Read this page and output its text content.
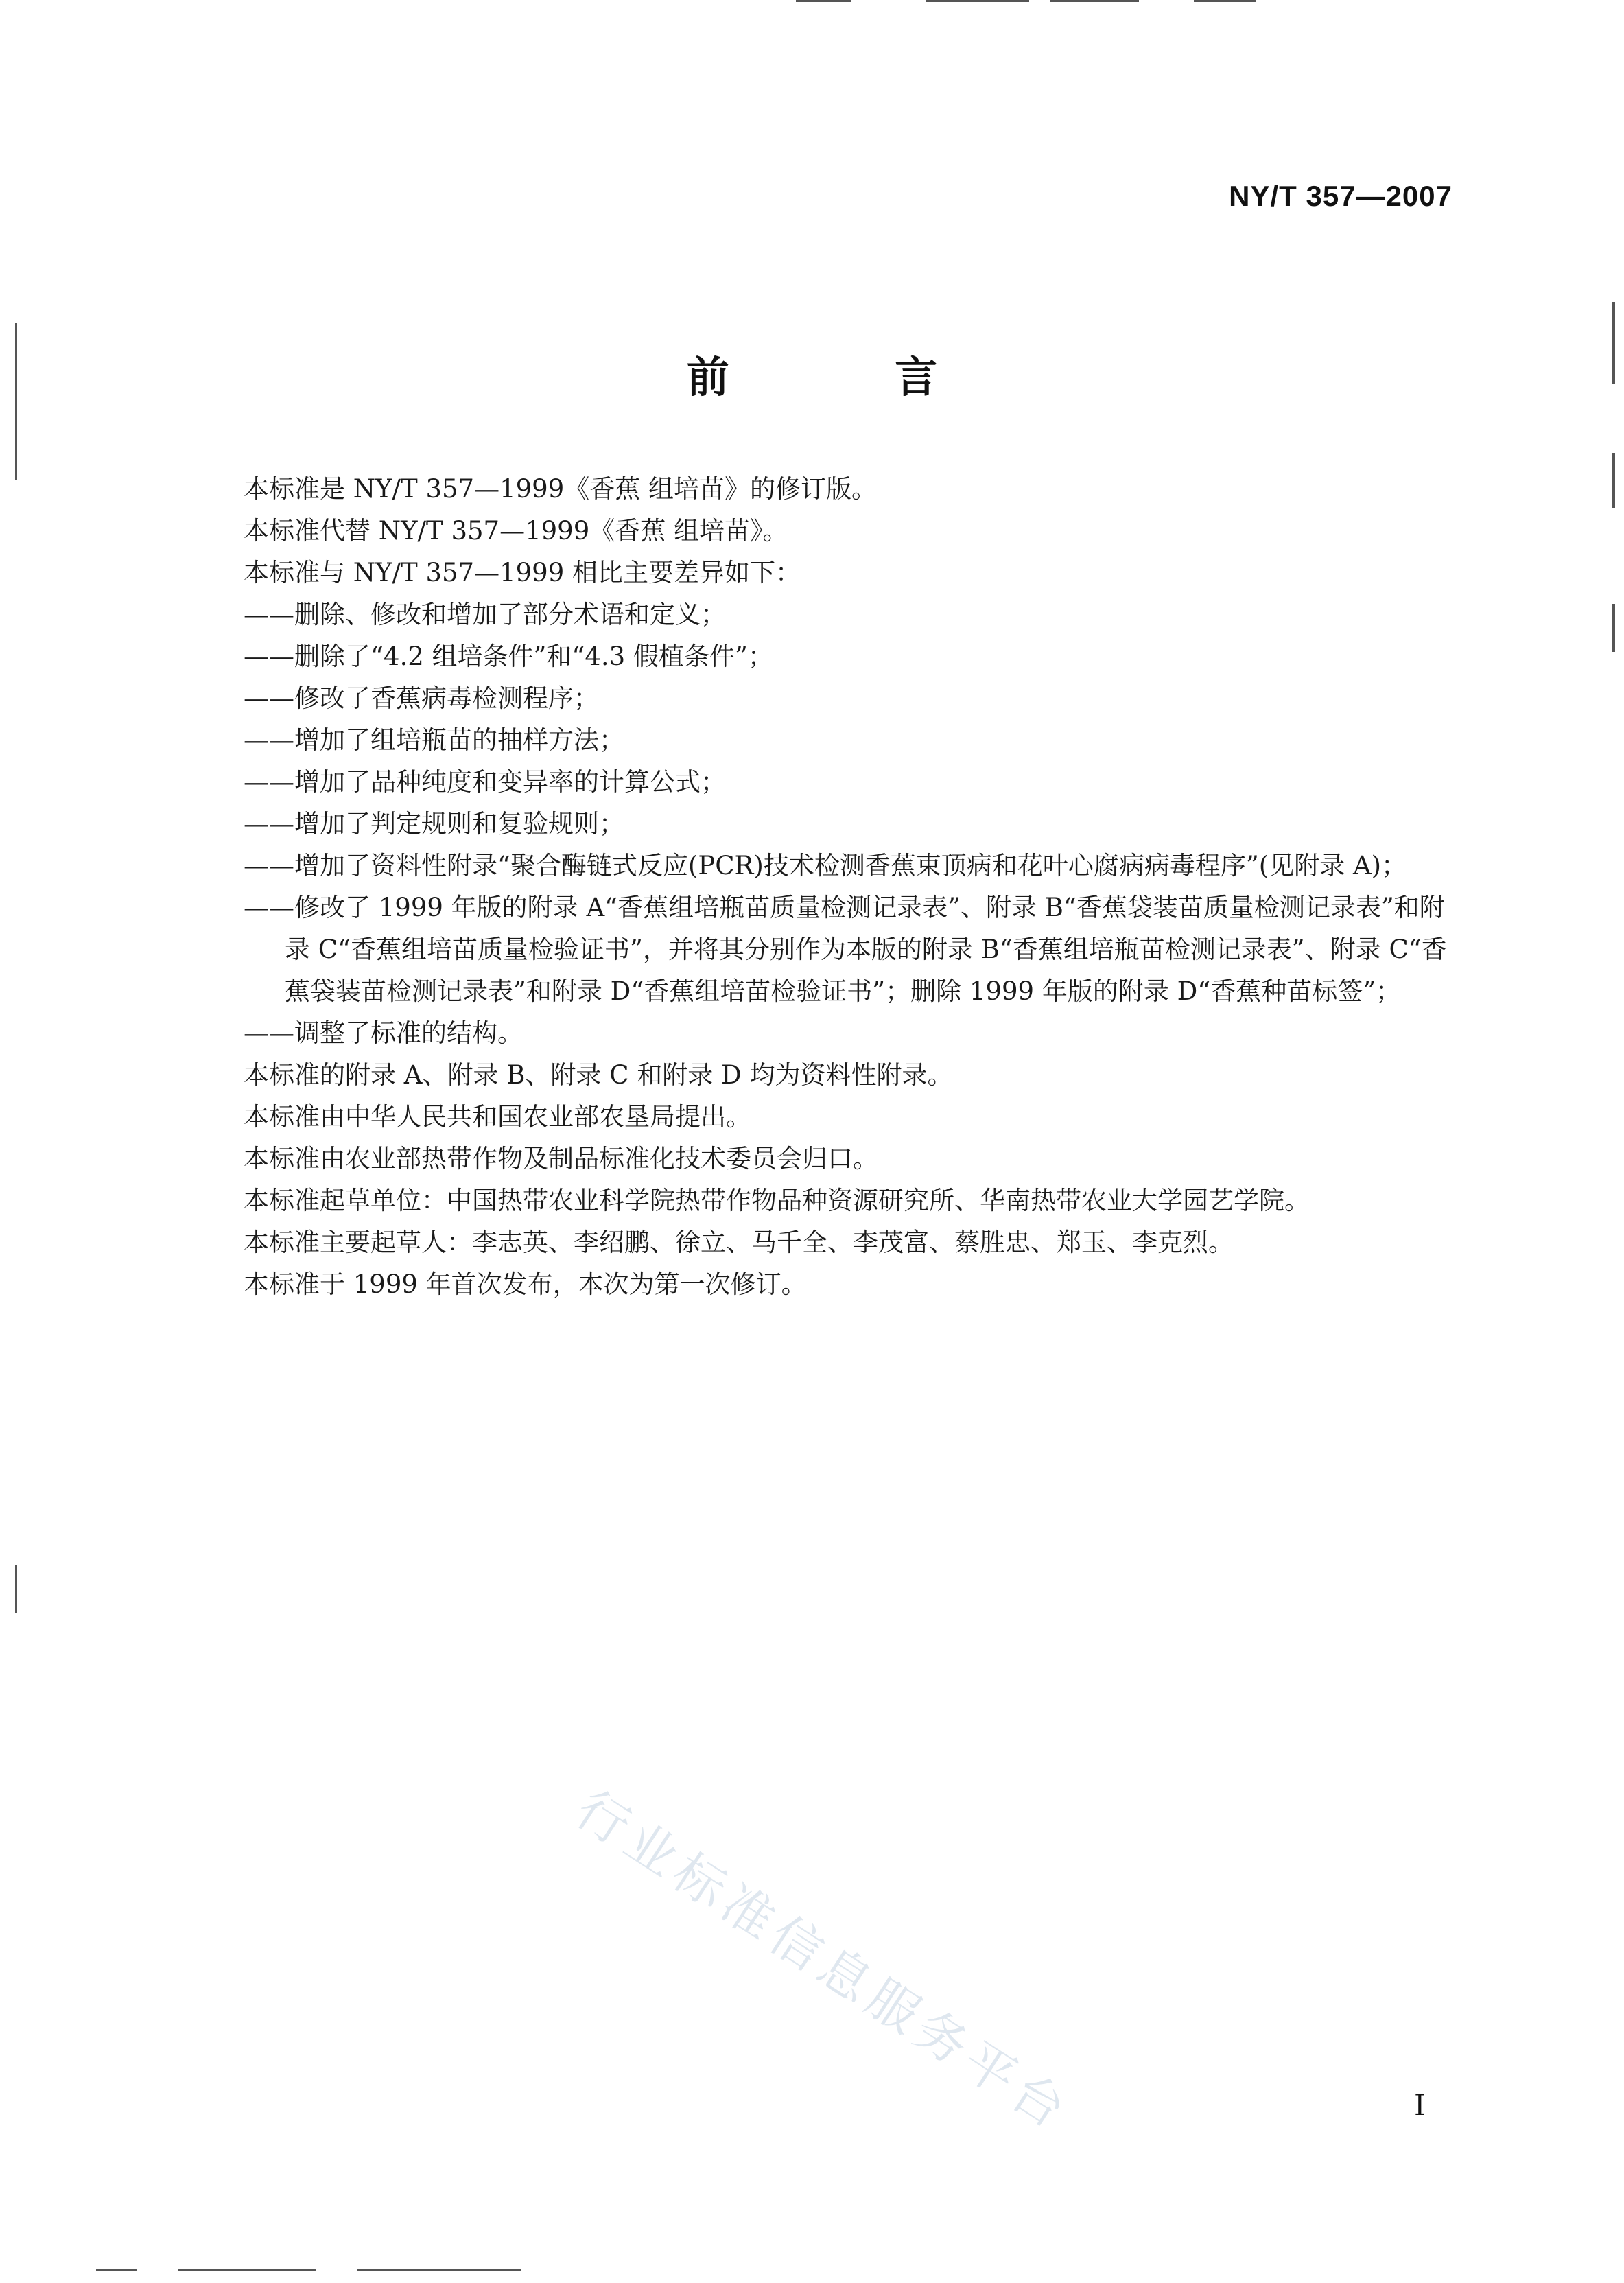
NY/T 357—2007
前 言

本标准是 NY/T 357—1999《香蕉 组培苗》的修订版。

本标准代替 NY/T 357—1999《香蕉 组培苗》。

本标准与 NY/T 357—1999 相比主要差异如下：

——删除、修改和增加了部分术语和定义；

——删除了“4.2 组培条件”和“4.3 假植条件”；

——修改了香蕉病毒检测程序；

——增加了组培瓶苗的抽样方法；

——增加了品种纯度和变异率的计算公式；

——增加了判定规则和复验规则；

——增加了资料性附录“聚合酶链式反应(PCR)技术检测香蕉束顶病和花叶心腐病病毒程序”(见附录 A)；

——修改了 1999 年版的附录 A“香蕉组培瓶苗质量检测记录表”、附录 B“香蕉袋装苗质量检测记录表”和附录 C“香蕉组培苗质量检验证书”，并将其分别作为本版的附录 B“香蕉组培瓶苗检测记录表”、附录 C“香蕉袋装苗检测记录表”和附录 D“香蕉组培苗检验证书”；删除 1999 年版的附录 D“香蕉种苗标签”；

——调整了标准的结构。

本标准的附录 A、附录 B、附录 C 和附录 D 均为资料性附录。

本标准由中华人民共和国农业部农垦局提出。

本标准由农业部热带作物及制品标准化技术委员会归口。

本标准起草单位：中国热带农业科学院热带作物品种资源研究所、华南热带农业大学园艺学院。

本标准主要起草人：李志英、李绍鹏、徐立、马千全、李茂富、蔡胜忠、郑玉、李克烈。

本标准于 1999 年首次发布，本次为第一次修订。

行业标准信息服务平台	I
